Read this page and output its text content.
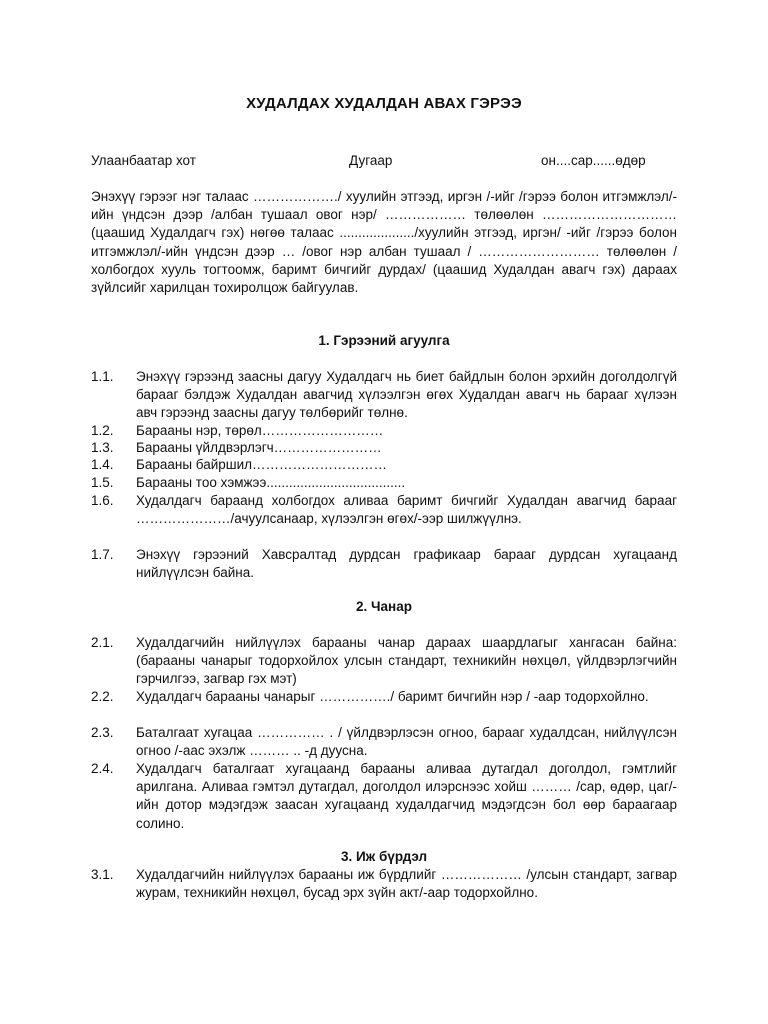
ХУДАЛДАХ ХУДАЛДАН АВАХ ГЭРЭЭ
Улаанбаатар хот	Дугаар	он....сар......өдөр
Энэхүү гэрээг нэг талаас ………………./ хуулийн этгээд, иргэн /-ийг /гэрээ болон итгэмжлэл/-ийн үндсэн дээр /албан тушаал овог нэр/ ……………… төлөөлөн ………………………… (цаашид Худалдагч гэх) нөгөө талаас ..................../хуулийн этгээд, иргэн/ -ийг /гэрээ болон итгэмжлэл/-ийн үндсэн дээр … /овог нэр албан тушаал / ……………………… төлөөлөн /холбогдох хууль тогтоомж, баримт бичгийг дурдах/ (цаашид Худалдан авагч гэх) дараах зүйлсийг харилцан тохиролцож байгуулав.
1. Гэрээний агуулга
1.1. Энэхүү гэрээнд заасны дагуу Худалдагч нь биет байдлын болон эрхийн доголдолгүй барааг бэлдэж Худалдан авагчид хүлээлгэн өгөх Худалдан авагч нь барааг хүлээн авч гэрээнд заасны дагуу төлбөрийг төлнө.
1.2. Барааны нэр, төрөл………………………
1.3. Барааны үйлдвэрлэгч……………………
1.4. Барааны байршил…………………………
1.5. Барааны тоо хэмжээ.....................................
1.6. Худалдагч бараанд холбогдох аливаа баримт бичгийг Худалдан авагчид барааг …………………/ачуулсанаар, хүлээлгэн өгөх/-ээр шилжүүлнэ.
1.7. Энэхүү гэрээний Хавсралтад дурдсан графикаар барааг дурдсан хугацаанд нийлүүлсэн байна.
2. Чанар
2.1. Худалдагчийн нийлүүлэх барааны чанар дараах шаардлагыг хангасан байна: (барааны чанарыг тодорхойлох улсын стандарт, техникийн нөхцөл, үйлдвэрлэгчийн гэрчилгээ, загвар гэх мэт)
2.2. Худалдагч барааны чанарыг ……………./ баримт бичгийн нэр / -аар тодорхойлно.
2.3. Баталгаат хугацаа …………… . / үйлдвэрлэсэн огноо, барааг худалдсан, нийлүүлсэн огноо /-аас эхэлж ……… .. -д дуусна.
2.4. Худалдагч баталгаат хугацаанд барааны аливаа дутагдал доголдол, гэмтлийг арилгана. Аливаа гэмтэл дутагдал, доголдол илэрснээс хойш ……… /сар, өдөр, цаг/-ийн дотор мэдэгдэж заасан хугацаанд худалдагчид мэдэгдсэн бол өөр бараагаар солино.
3. Иж бүрдэл
3.1. Худалдагчийн нийлүүлэх барааны иж бүрдлийг ……………… /улсын стандарт, загвар журам, техникийн нөхцөл, бусад эрх зүйн акт/-аар тодорхойлно.
